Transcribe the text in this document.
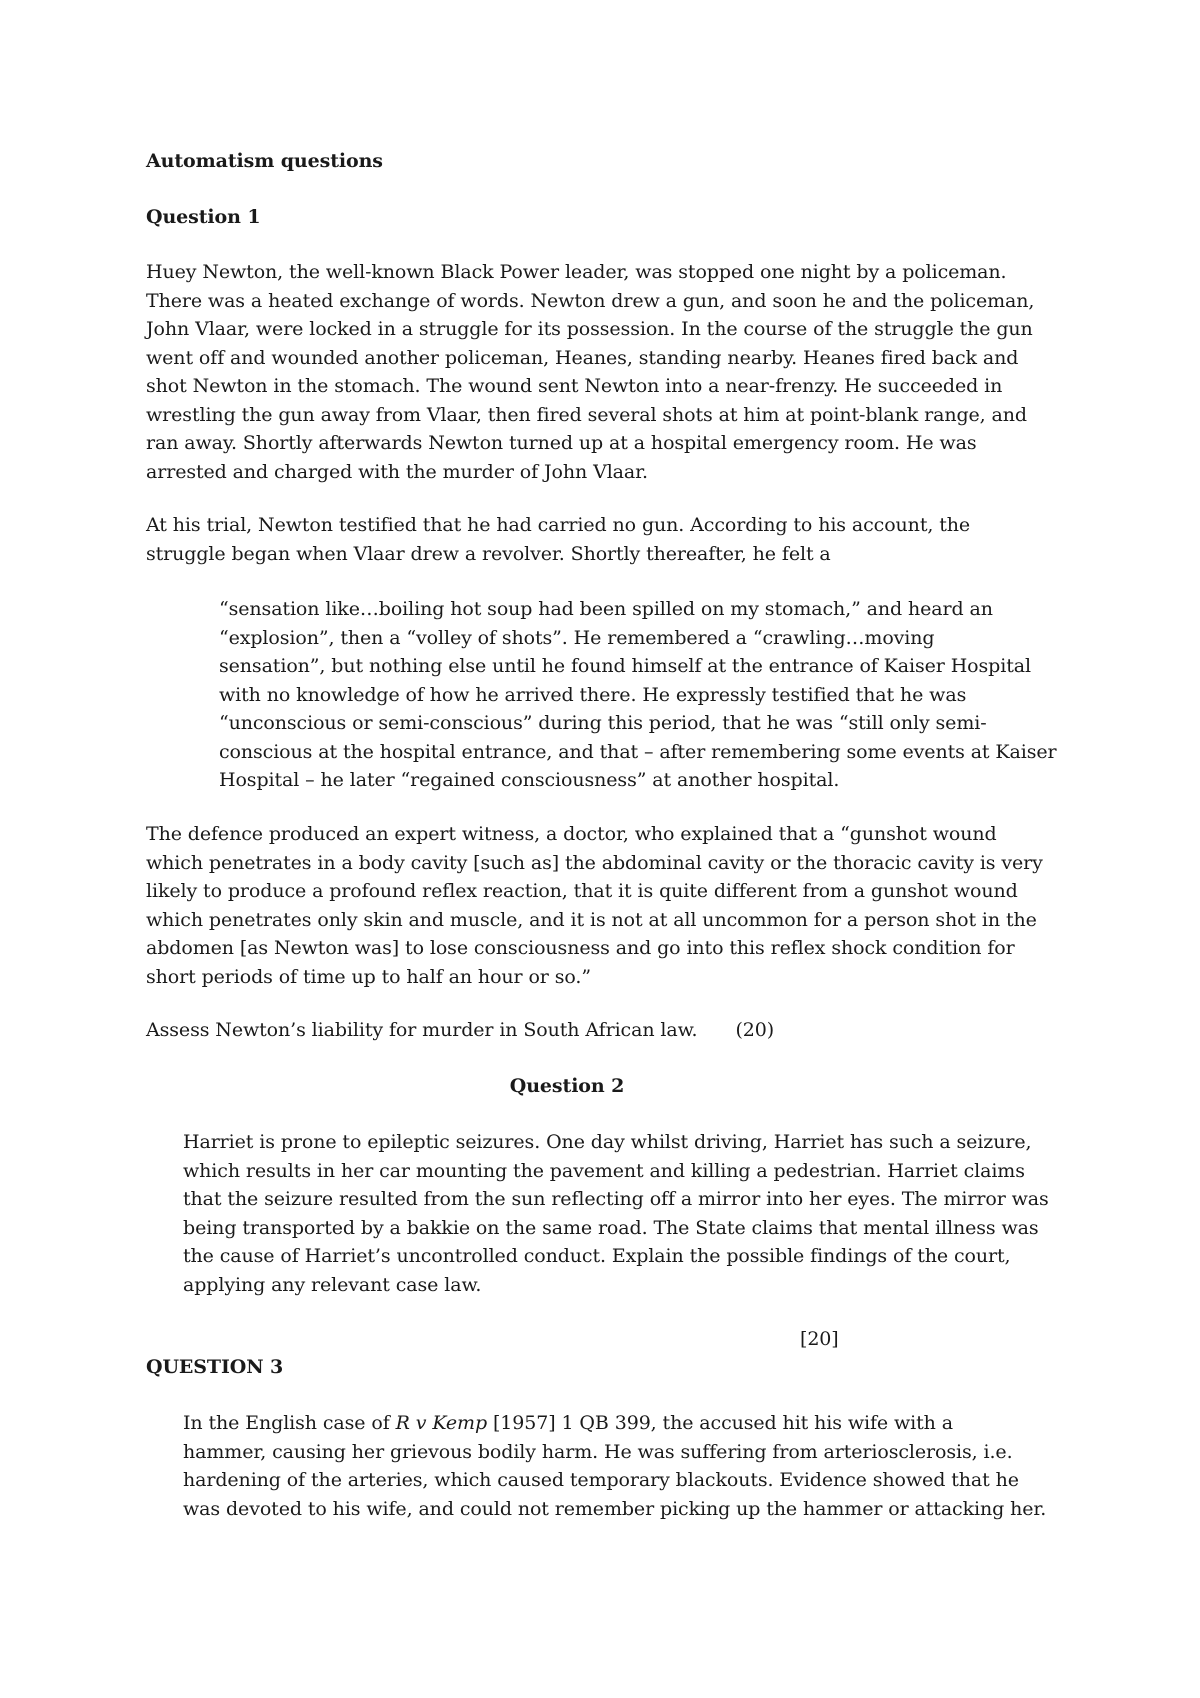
Automatism questions

Question 1

Huey Newton, the well-known Black Power leader, was stopped one night by a policeman.
There was a heated exchange of words. Newton drew a gun, and soon he and the policeman,
John Vlaar, were locked in a struggle for its possession. In the course of the struggle the gun
went off and wounded another policeman, Heanes, standing nearby. Heanes fired back and
shot Newton in the stomach. The wound sent Newton into a near-frenzy. He succeeded in
wrestling the gun away from Vlaar, then fired several shots at him at point-blank range, and
ran away. Shortly afterwards Newton turned up at a hospital emergency room. He was
arrested and charged with the murder of John Vlaar.
At his trial, Newton testified that he had carried no gun. According to his account, the
struggle began when Vlaar drew a revolver. Shortly thereafter, he felt a
“sensation like…boiling hot soup had been spilled on my stomach,” and heard an
“explosion”, then a “volley of shots”. He remembered a “crawling…moving
sensation”, but nothing else until he found himself at the entrance of Kaiser Hospital
with no knowledge of how he arrived there. He expressly testified that he was
“unconscious or semi-conscious” during this period, that he was “still only semi-
conscious at the hospital entrance, and that – after remembering some events at Kaiser
Hospital – he later “regained consciousness” at another hospital.
The defence produced an expert witness, a doctor, who explained that a “gunshot wound
which penetrates in a body cavity [such as] the abdominal cavity or the thoracic cavity is very
likely to produce a profound reflex reaction, that it is quite different from a gunshot wound
which penetrates only skin and muscle, and it is not at all uncommon for a person shot in the
abdomen [as Newton was] to lose consciousness and go into this reflex shock condition for
short periods of time up to half an hour or so.”

Assess Newton’s liability for murder in South African law. (20)

Question 2

Harriet is prone to epileptic seizures. One day whilst driving, Harriet has such a seizure,
which results in her car mounting the pavement and killing a pedestrian. Harriet claims
that the seizure resulted from the sun reflecting off a mirror into her eyes. The mirror was
being transported by a bakkie on the same road. The State claims that mental illness was
the cause of Harriet’s uncontrolled conduct. Explain the possible findings of the court,
applying any relevant case law.

[20]

QUESTION 3

In the English case of R v Kemp [1957] 1 QB 399, the accused hit his wife with a
hammer, causing her grievous bodily harm. He was suffering from arteriosclerosis, i.e.
hardening of the arteries, which caused temporary blackouts. Evidence showed that he
was devoted to his wife, and could not remember picking up the hammer or attacking her.
